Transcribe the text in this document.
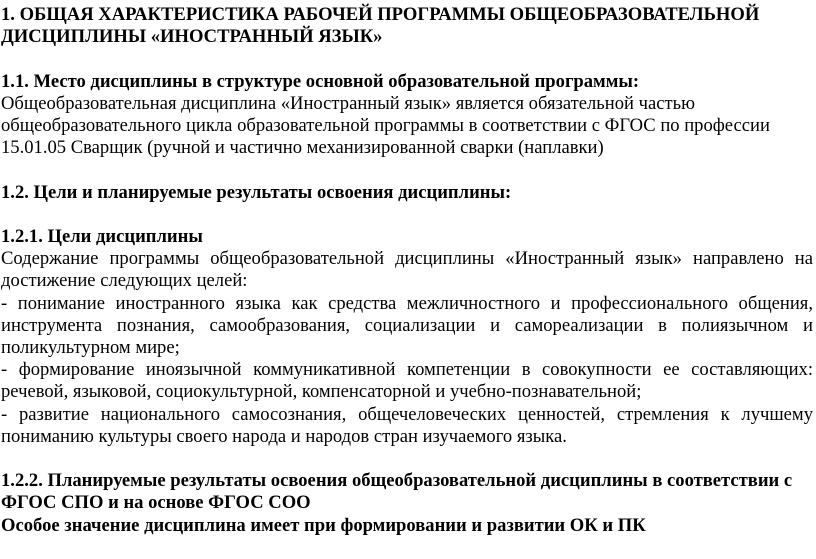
1. ОБЩАЯ ХАРАКТЕРИСТИКА РАБОЧЕЙ ПРОГРАММЫ ОБЩЕОБРАЗОВАТЕЛЬНОЙ ДИСЦИПЛИНЫ «ИНОСТРАННЫЙ ЯЗЫК»

1.1. Место дисциплины в структуре основной образовательной программы:

Общеобразовательная дисциплина «Иностранный язык» является обязательной частью общеобразовательного цикла образовательной программы в соответствии с ФГОС по профессии 15.01.05 Сварщик (ручной и частично механизированной сварки (наплавки)

1.2. Цели и планируемые результаты освоения дисциплины:

1.2.1. Цели дисциплины

Содержание программы общеобразовательной дисциплины «Иностранный язык» направлено на достижение следующих целей:

- понимание иностранного языка как средства межличностного и профессионального общения, инструмента познания, самообразования, социализации и самореализации в полиязычном и поликультурном мире;

- формирование иноязычной коммуникативной компетенции в совокупности ее составляющих: речевой, языковой, социокультурной, компенсаторной и учебно-познавательной;

- развитие национального самосознания, общечеловеческих ценностей, стремления к лучшему пониманию культуры своего народа и народов стран изучаемого языка.

1.2.2. Планируемые результаты освоения общеобразовательной дисциплины в соответствии с ФГОС СПО и на основе ФГОС СОО

Особое значение дисциплина имеет при формировании и развитии ОК и ПК
